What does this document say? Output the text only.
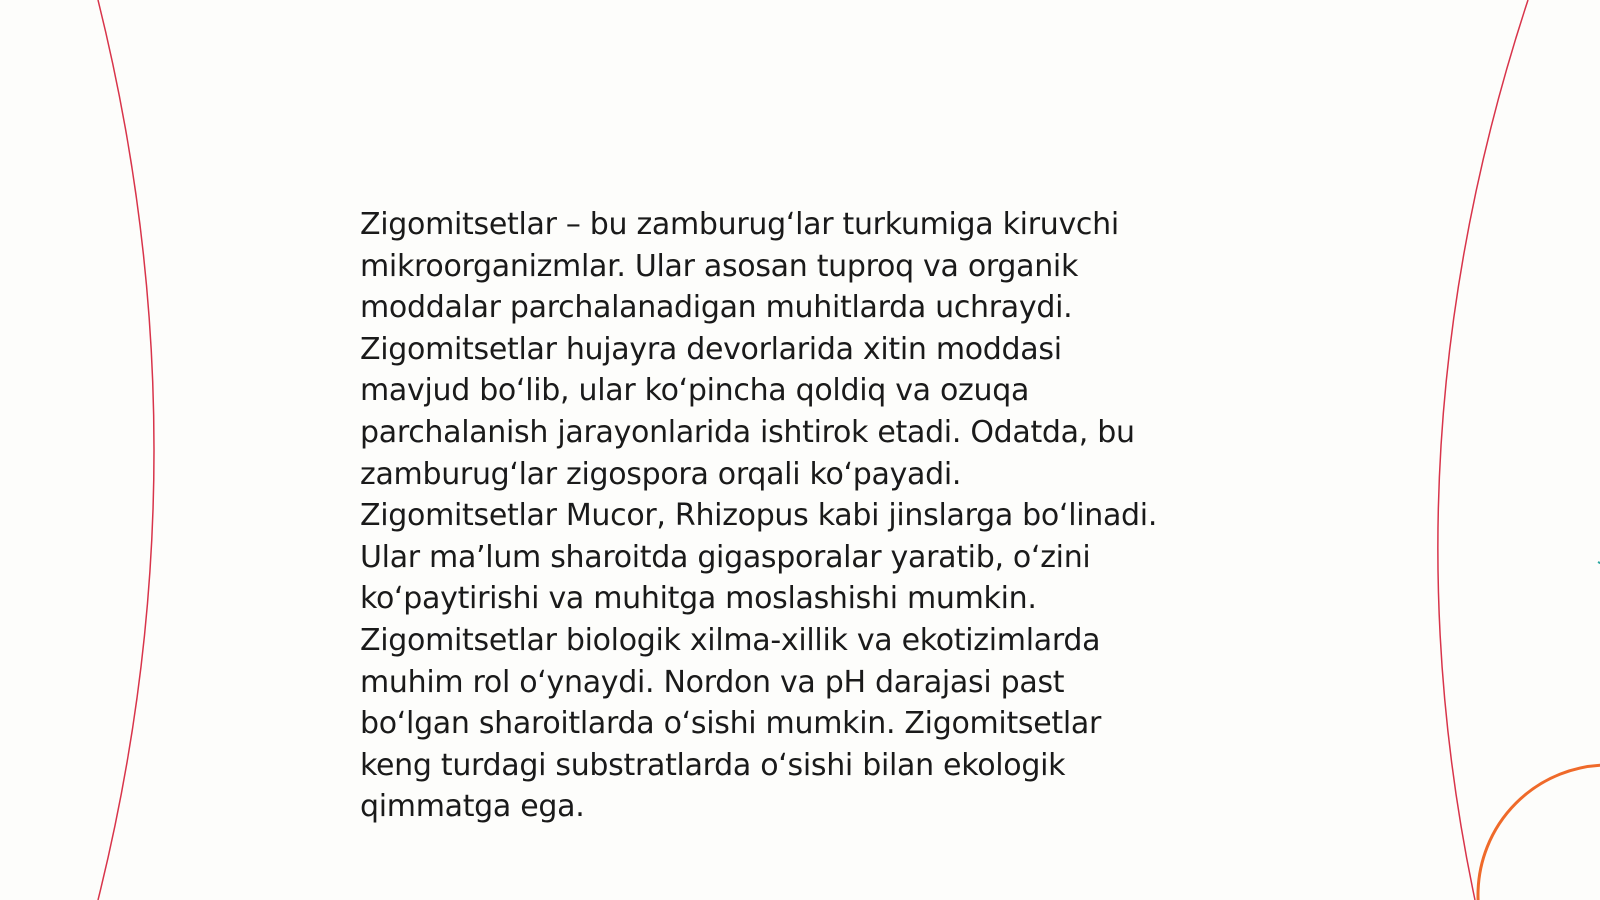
Zigomitsetlar – bu zamburugʻlar turkumiga kiruvchi
mikroorganizmlar. Ular asosan tuproq va organik
moddalar parchalanadigan muhitlarda uchraydi.
Zigomitsetlar hujayra devorlarida xitin moddasi
mavjud boʻlib, ular koʻpincha qoldiq va ozuqa
parchalanish jarayonlarida ishtirok etadi. Odatda, bu
zamburugʻlar zigospora orqali koʻpayadi.
Zigomitsetlar Mucor, Rhizopus kabi jinslarga boʻlinadi.
Ular maʼlum sharoitda gigasporalar yaratib, oʻzini
koʻpaytirishi va muhitga moslashishi mumkin.
Zigomitsetlar biologik xilma-xillik va ekotizimlarda
muhim rol oʻynaydi. Nordon va pH darajasi past
boʻlgan sharoitlarda oʻsishi mumkin. Zigomitsetlar
keng turdagi substratlarda oʻsishi bilan ekologik
qimmatga ega.
